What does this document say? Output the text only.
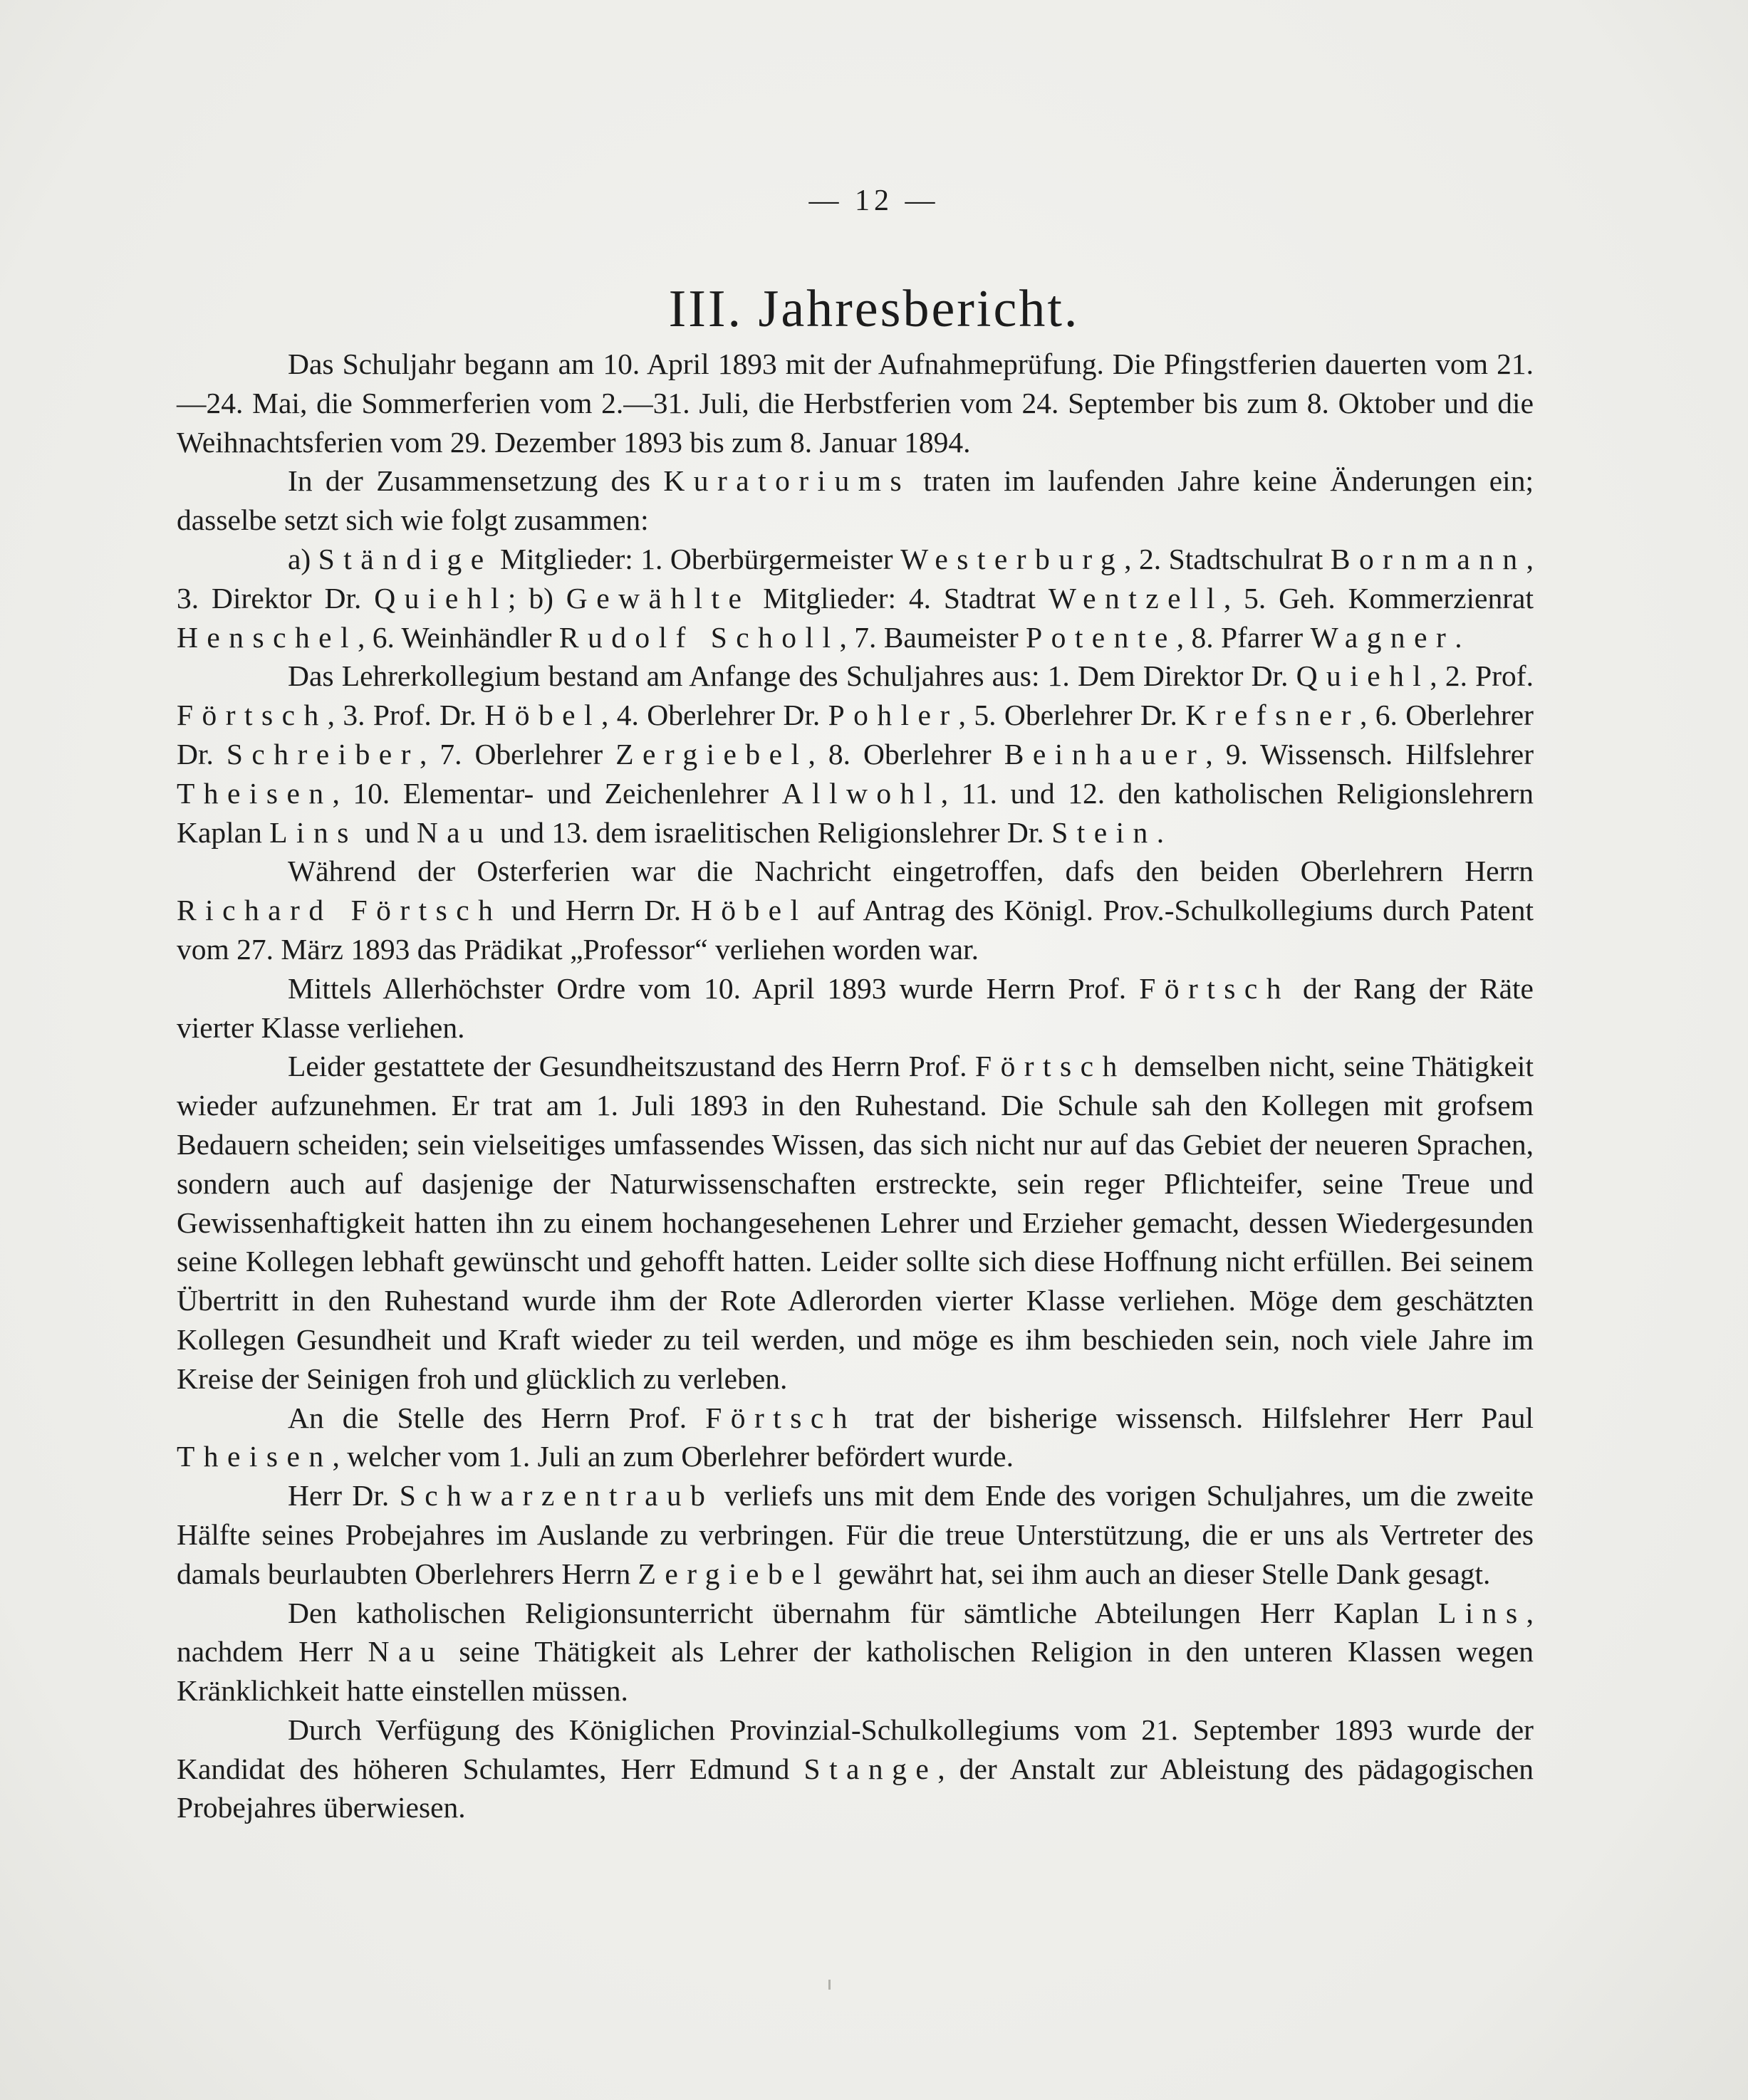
— 12 —
III. Jahresbericht.

Das Schuljahr begann am 10. April 1893 mit der Aufnahmeprüfung. Die Pfingstferien dauerten vom 21.—24. Mai, die Sommerferien vom 2.—31. Juli, die Herbstferien vom 24. September bis zum 8. Oktober und die Weihnachtsferien vom 29. Dezember 1893 bis zum 8. Januar 1894.

In der Zusammensetzung des Kuratoriums traten im laufenden Jahre keine Änderungen ein; dasselbe setzt sich wie folgt zusammen:

a) Ständige Mitglieder: 1. Oberbürgermeister Westerburg, 2. Stadtschulrat Bornmann, 3. Direktor Dr. Quiehl; b) Gewählte Mitglieder: 4. Stadtrat Wentzell, 5. Geh. Kommerzienrat Henschel, 6. Weinhändler Rudolf Scholl, 7. Baumeister Potente, 8. Pfarrer Wagner.

Das Lehrerkollegium bestand am Anfange des Schuljahres aus: 1. Dem Direktor Dr. Quiehl, 2. Prof. Förtsch, 3. Prof. Dr. Höbel, 4. Oberlehrer Dr. Pohler, 5. Oberlehrer Dr. Krefsner, 6. Oberlehrer Dr. Schreiber, 7. Oberlehrer Zergiebel, 8. Oberlehrer Beinhauer, 9. Wissensch. Hilfslehrer Theisen, 10. Elementar- und Zeichenlehrer Allwohl, 11. und 12. den katholischen Religionslehrern Kaplan Lins und Nau und 13. dem israelitischen Religionslehrer Dr. Stein.

Während der Osterferien war die Nachricht eingetroffen, dafs den beiden Oberlehrern Herrn Richard Förtsch und Herrn Dr. Höbel auf Antrag des Königl. Prov.-Schulkollegiums durch Patent vom 27. März 1893 das Prädikat „Professor“ verliehen worden war.

Mittels Allerhöchster Ordre vom 10. April 1893 wurde Herrn Prof. Förtsch der Rang der Räte vierter Klasse verliehen.

Leider gestattete der Gesundheitszustand des Herrn Prof. Förtsch demselben nicht, seine Thätigkeit wieder aufzunehmen. Er trat am 1. Juli 1893 in den Ruhestand. Die Schule sah den Kollegen mit grofsem Bedauern scheiden; sein vielseitiges umfassendes Wissen, das sich nicht nur auf das Gebiet der neueren Sprachen, sondern auch auf dasjenige der Naturwissenschaften erstreckte, sein reger Pflichteifer, seine Treue und Gewissenhaftigkeit hatten ihn zu einem hochangesehenen Lehrer und Erzieher gemacht, dessen Wiedergesunden seine Kollegen lebhaft gewünscht und gehofft hatten. Leider sollte sich diese Hoffnung nicht erfüllen. Bei seinem Übertritt in den Ruhestand wurde ihm der Rote Adlerorden vierter Klasse verliehen. Möge dem geschätzten Kollegen Gesundheit und Kraft wieder zu teil werden, und möge es ihm beschieden sein, noch viele Jahre im Kreise der Seinigen froh und glücklich zu verleben.

An die Stelle des Herrn Prof. Förtsch trat der bisherige wissensch. Hilfslehrer Herr Paul Theisen, welcher vom 1. Juli an zum Oberlehrer befördert wurde.

Herr Dr. Schwarzentraub verliefs uns mit dem Ende des vorigen Schuljahres, um die zweite Hälfte seines Probejahres im Auslande zu verbringen. Für die treue Unterstützung, die er uns als Vertreter des damals beurlaubten Oberlehrers Herrn Zergiebel gewährt hat, sei ihm auch an dieser Stelle Dank gesagt.

Den katholischen Religionsunterricht übernahm für sämtliche Abteilungen Herr Kaplan Lins, nachdem Herr Nau seine Thätigkeit als Lehrer der katholischen Religion in den unteren Klassen wegen Kränklichkeit hatte einstellen müssen.

Durch Verfügung des Königlichen Provinzial-Schulkollegiums vom 21. September 1893 wurde der Kandidat des höheren Schulamtes, Herr Edmund Stange, der Anstalt zur Ableistung des pädagogischen Probejahres überwiesen.
